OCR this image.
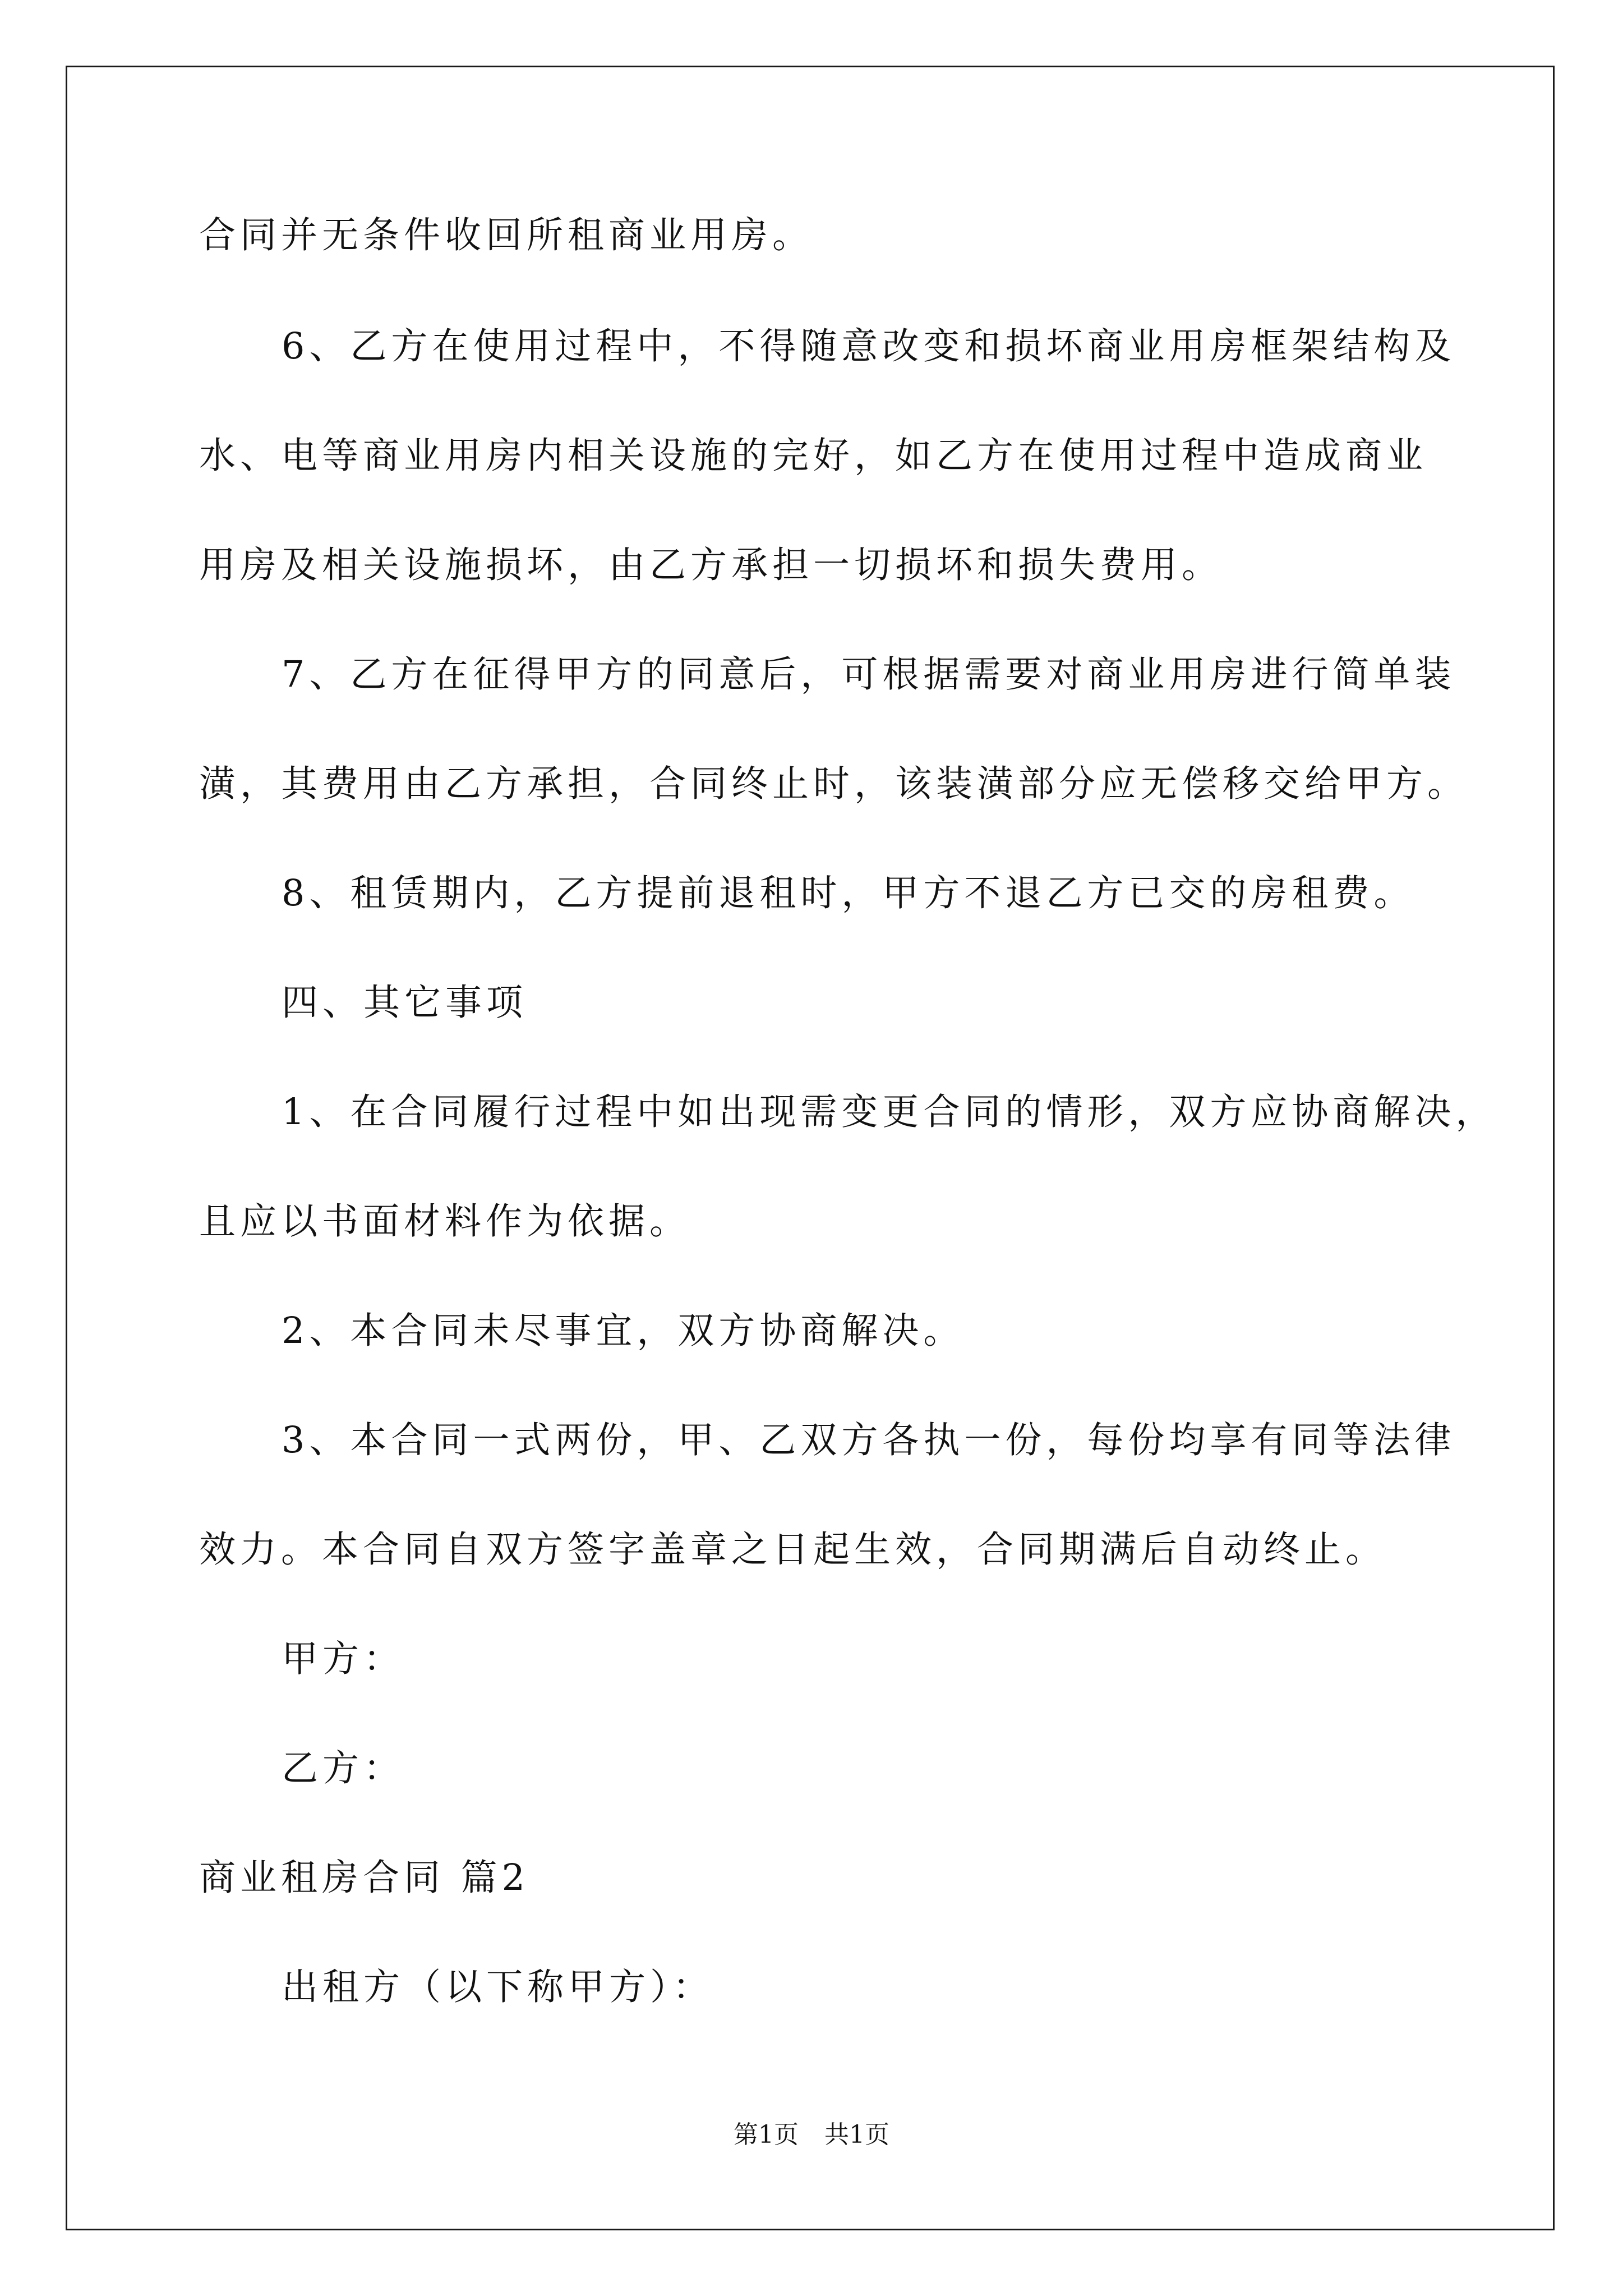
合同并无条件收回所租商业用房。
6、乙方在使用过程中，不得随意改变和损坏商业用房框架结构及
水、电等商业用房内相关设施的完好，如乙方在使用过程中造成商业
用房及相关设施损坏，由乙方承担一切损坏和损失费用。
7、乙方在征得甲方的同意后，可根据需要对商业用房进行简单装
潢，其费用由乙方承担，合同终止时，该装潢部分应无偿移交给甲方。
8、租赁期内，乙方提前退租时，甲方不退乙方已交的房租费。
四、其它事项
1、在合同履行过程中如出现需变更合同的情形，双方应协商解决，
且应以书面材料作为依据。
2、本合同未尽事宜，双方协商解决。
3、本合同一式两份，甲、乙双方各执一份，每份均享有同等法律
效力。本合同自双方签字盖章之日起生效，合同期满后自动终止。
甲方：
乙方：
商业租房合同 篇2
出租方（以下称甲方）：
第1页 共1页
